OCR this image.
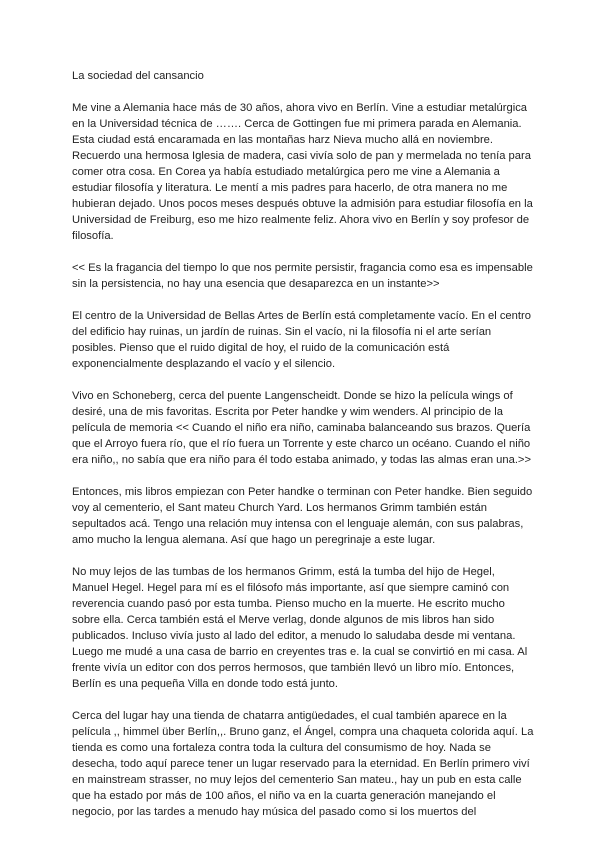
La sociedad del cansancio

Me vine a Alemania hace más de 30 años, ahora vivo en Berlín. Vine a estudiar metalúrgica en la Universidad técnica de ……. Cerca de Gottingen fue mi primera parada en Alemania. Esta ciudad está encaramada en las montañas harz Nieva mucho allá en noviembre. Recuerdo una hermosa Iglesia de madera, casi vivía solo de pan y mermelada no tenía para comer otra cosa. En Corea ya había estudiado metalúrgica pero me vine a Alemania a estudiar filosofía y literatura. Le mentí a mis padres para hacerlo, de otra manera no me hubieran dejado. Unos pocos meses después obtuve la admisión para estudiar filosofía en la Universidad de Freiburg, eso me hizo realmente feliz. Ahora vivo en Berlín y soy profesor de filosofía.

<< Es la fragancia del tiempo lo que nos permite persistir, fragancia como esa es impensable sin la persistencia, no hay una esencia que desaparezca en un instante>>

El centro de la Universidad de Bellas Artes de Berlín está completamente vacío. En el centro del edificio hay ruinas, un jardín de ruinas. Sin el vacío, ni la filosofía ni el arte serían posibles. Pienso que el ruido digital de hoy, el ruido de la comunicación está exponencialmente desplazando el vacío y el silencio.

Vivo en Schoneberg, cerca del puente Langenscheidt. Donde se hizo la película wings of desiré, una de mis favoritas. Escrita por Peter handke y wim wenders. Al principio de la película de memoria << Cuando el niño era niño, caminaba balanceando sus brazos. Quería que el Arroyo fuera río, que el río fuera un Torrente y este charco un océano. Cuando el niño era niño,, no sabía que era niño para él todo estaba animado, y todas las almas eran una.>>

Entonces, mis libros empiezan con Peter handke o terminan con Peter handke. Bien seguido voy al cementerio, el Sant mateu Church Yard. Los hermanos Grimm también están sepultados acá. Tengo una relación muy intensa con el lenguaje alemán, con sus palabras, amo mucho la lengua alemana. Así que hago un peregrinaje a este lugar.

No muy lejos de las tumbas de los hermanos Grimm, está la tumba del hijo de Hegel, Manuel Hegel. Hegel para mí es el filósofo más importante, así que siempre caminó con reverencia cuando pasó por esta tumba. Pienso mucho en la muerte. He escrito mucho sobre ella. Cerca también está el Merve verlag, donde algunos de mis libros han sido publicados. Incluso vivía justo al lado del editor, a menudo lo saludaba desde mi ventana. Luego me mudé a una casa de barrio en creyentes tras e. la cual se convirtió en mi casa. Al frente vivía un editor con dos perros hermosos, que también llevó un libro mío. Entonces, Berlín es una pequeña Villa en donde todo está junto.

Cerca del lugar hay una tienda de chatarra antigüedades, el cual también aparece en la película ,, himmel über Berlín,,. Bruno ganz, el Ángel, compra una chaqueta colorida aquí. La tienda es como una fortaleza contra toda la cultura del consumismo de hoy. Nada se desecha, todo aquí parece tener un lugar reservado para la eternidad. En Berlín primero viví en mainstream strasser, no muy lejos del cementerio San mateu., hay un pub en esta calle que ha estado por más de 100 años, el niño va en la cuarta generación manejando el negocio, por las tardes a menudo hay música del pasado como si los muertos del
